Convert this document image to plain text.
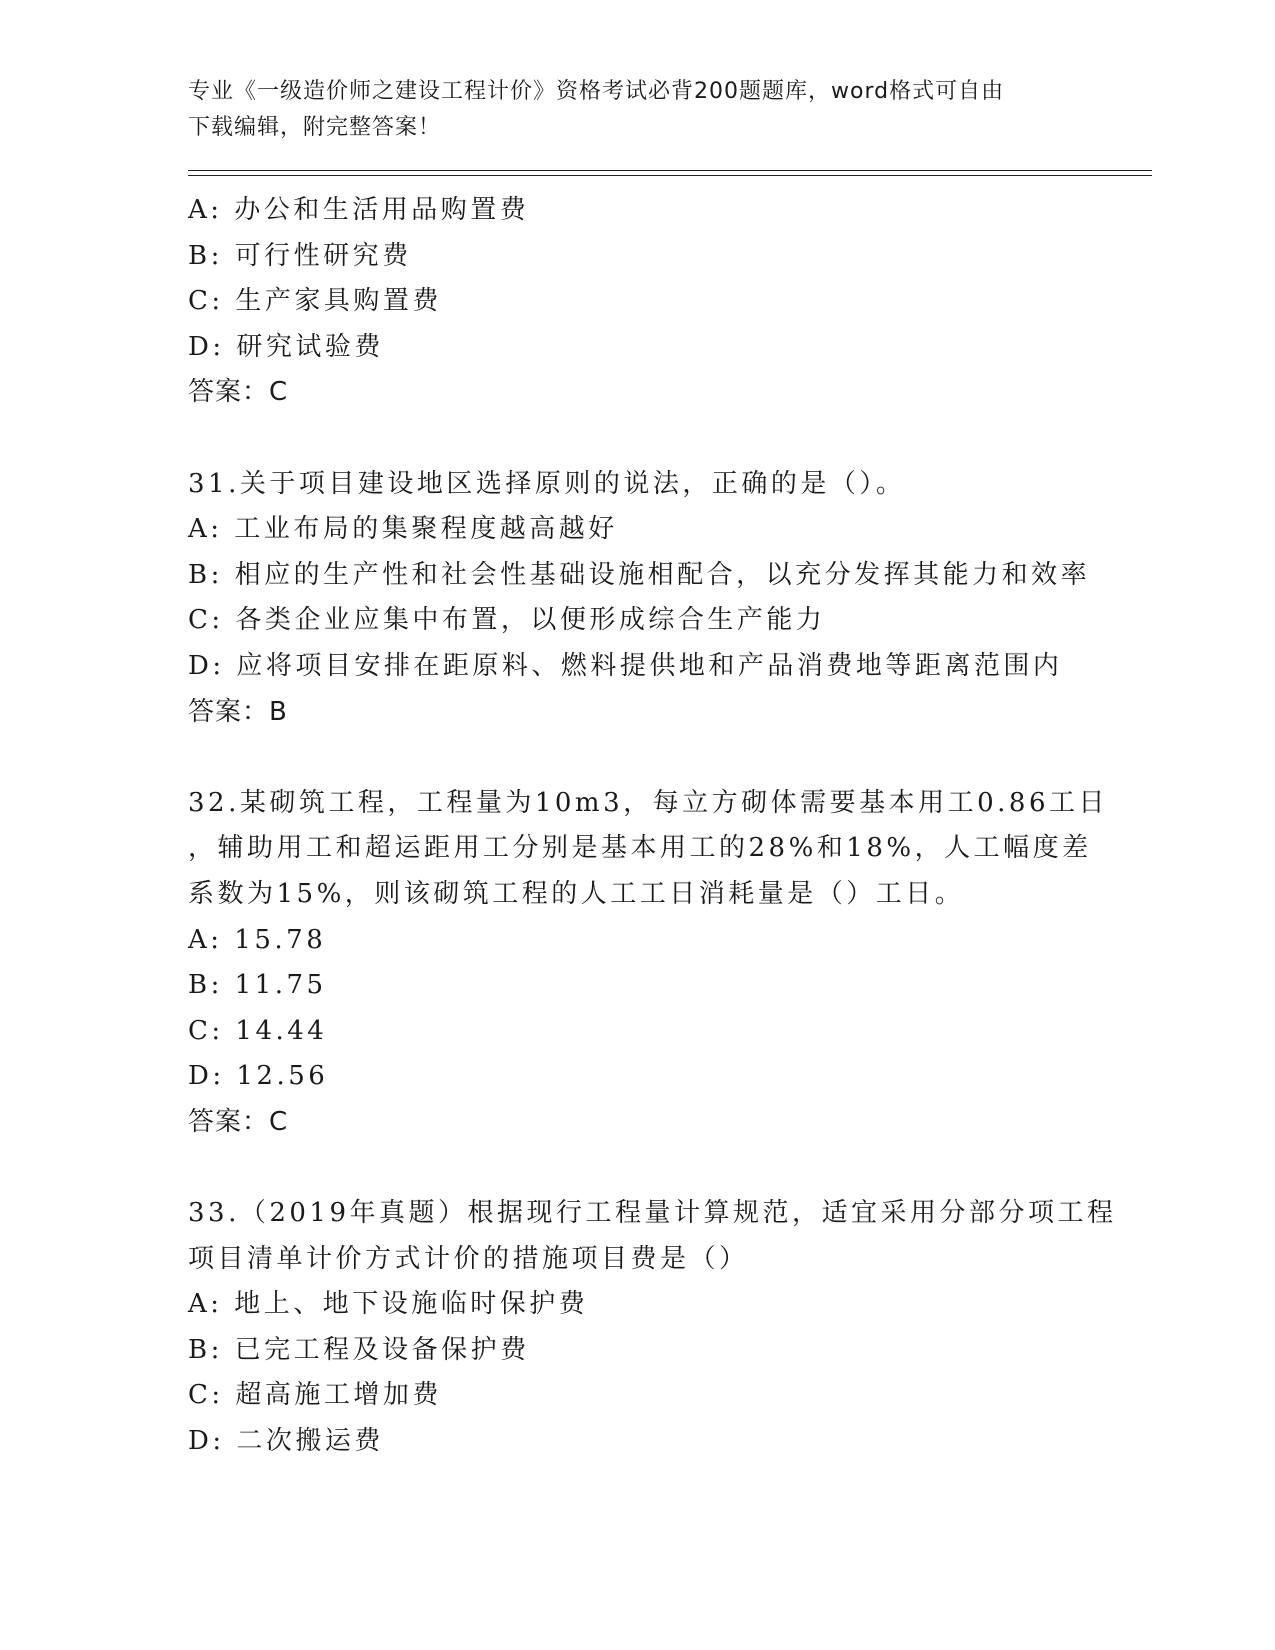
专业《一级造价师之建设工程计价》资格考试必背200题题库，word格式可自由
下载编辑，附完整答案！
A: 办公和生活用品购置费
B: 可行性研究费
C: 生产家具购置费
D: 研究试验费
答案：C
31.关于项目建设地区选择原则的说法，正确的是（）。
A: 工业布局的集聚程度越高越好
B: 相应的生产性和社会性基础设施相配合，以充分发挥其能力和效率
C: 各类企业应集中布置，以便形成综合生产能力
D: 应将项目安排在距原料、燃料提供地和产品消费地等距离范围内
答案：B
32.某砌筑工程，工程量为10m3，每立方砌体需要基本用工0.86工日
，辅助用工和超运距用工分别是基本用工的28%和18%，人工幅度差
系数为15%，则该砌筑工程的人工工日消耗量是（）工日。
A: 15.78
B: 11.75
C: 14.44
D: 12.56
答案：C
33.（2019年真题）根据现行工程量计算规范，适宜采用分部分项工程
项目清单计价方式计价的措施项目费是（）
A: 地上、地下设施临时保护费
B: 已完工程及设备保护费
C: 超高施工增加费
D: 二次搬运费
